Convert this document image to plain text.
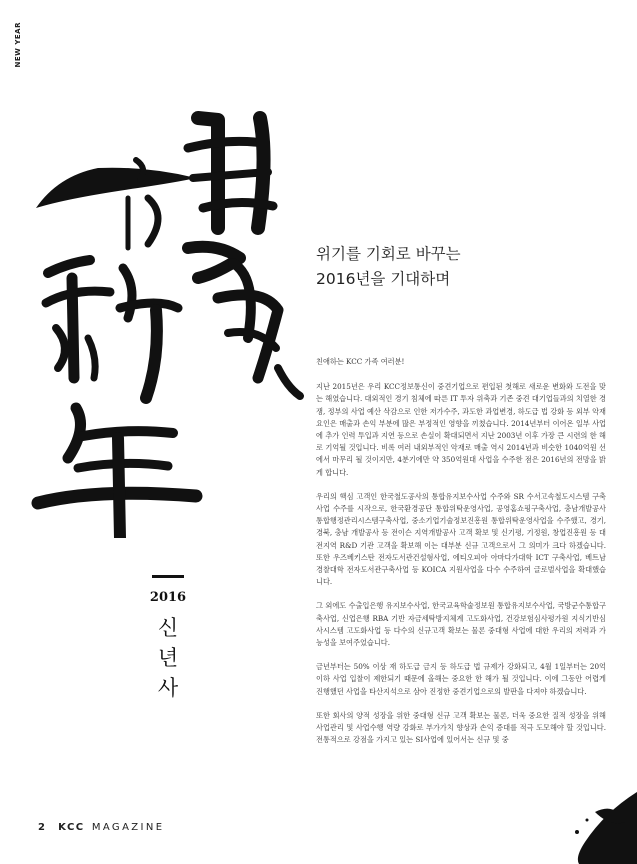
NEW YEAR
위기를 기회로 바꾸는
2016년을 기대하며
2016
신
년
사

친애하는 KCC 가족 여러분!

지난 2015년은 우리 KCC정보통신이 중견기업으로 편입된 첫해로 새로운 변화와 도전을 맞는 해였습니다. 대외적인 경기 침체에 따른 IT 투자 위축과 기존 중견 대기업들과의 치열한 경쟁, 정부의 사업 예산 삭감으로 인한 저가수주, 과도한 과업변경, 하도급 법 강화 등 외부 악재 요인은 매출과 손익 부분에 많은 부정적인 영향을 끼쳤습니다. 2014년부터 이어온 일부 사업에 추가 인력 투입과 지연 등으로 손실이 확대되면서 지난 2003년 이후 가장 큰 시련의 한 해로 기억될 것입니다. 비록 여러 내외부적인 악재로 매출 역시 2014년과 비슷한 1040억원 선에서 마무리 될 것이지만, 4분기에만 약 350억원대 사업을 수주한 점은 2016년의 전망을 밝게 합니다.

우리의 핵심 고객인 한국철도공사의 통합유지보수사업 수주와 SR 수서고속철도시스템 구축사업 수주를 시작으로, 한국환경공단 통합위탁운영사업, 공영홈쇼핑구축사업, 충남개발공사 통합행정관리시스템구축사업, 중소기업기술정보진흥원 통합위탁운영사업을 수주했고, 경기, 경북, 충남 개발공사 등 전이슨 지역개발공사 고객 확보 및 신기평, 기정원, 창업진흥원 등 대전지역 R&D 기관 고객을 확보해 이는 대부분 신규 고객으로서 그 의미가 크다 하겠습니다. 또한 우즈베키스탄 전자도서관건설형사업, 에티오피아 아마다가대학 ICT 구축사업, 베트남 경찰대학 전자도서관구축사업 등 KOICA 지원사업을 다수 수주하여 글로벌사업을 확대했습니다.

그 외에도 수출입은행 유지보수사업, 한국교육학술정보원 통합유지보수사업, 국방군수통합구축사업, 신업은행 RBA 기반 자금세탁방지체계 고도화사업, 건강보험심사평가원 지식기반심사시스템 고도화사업 등 다수의 신규고객 확보는 물론 중대형 사업에 대한 우리의 저력과 가능성을 보여주었습니다.

금년부터는 50% 이상 재 하도급 금지 등 하도급 법 규제가 강화되고, 4월 1일부터는 20억 이하 사업 입찰이 제한되기 때문에 올해는 중요한 한 해가 될 것입니다. 이에 그동안 어렵게 진행했던 사업을 타산지석으로 삼아 진정한 중견기업으로의 발판을 다져야 하겠습니다.

또한 회사의 양적 성장을 위한 중대형 신규 고객 확보는 물론, 더욱 중요한 질적 성장을 위해 사업관리 및 사업수행 역량 강화로 부가가치 향상과 손익 증대를 적극 도모해야 할 것입니다. 전통적으로 강점을 가지고 있는 SI사업에 있어서는 신규 및 중

2 KCC MAGAZINE
